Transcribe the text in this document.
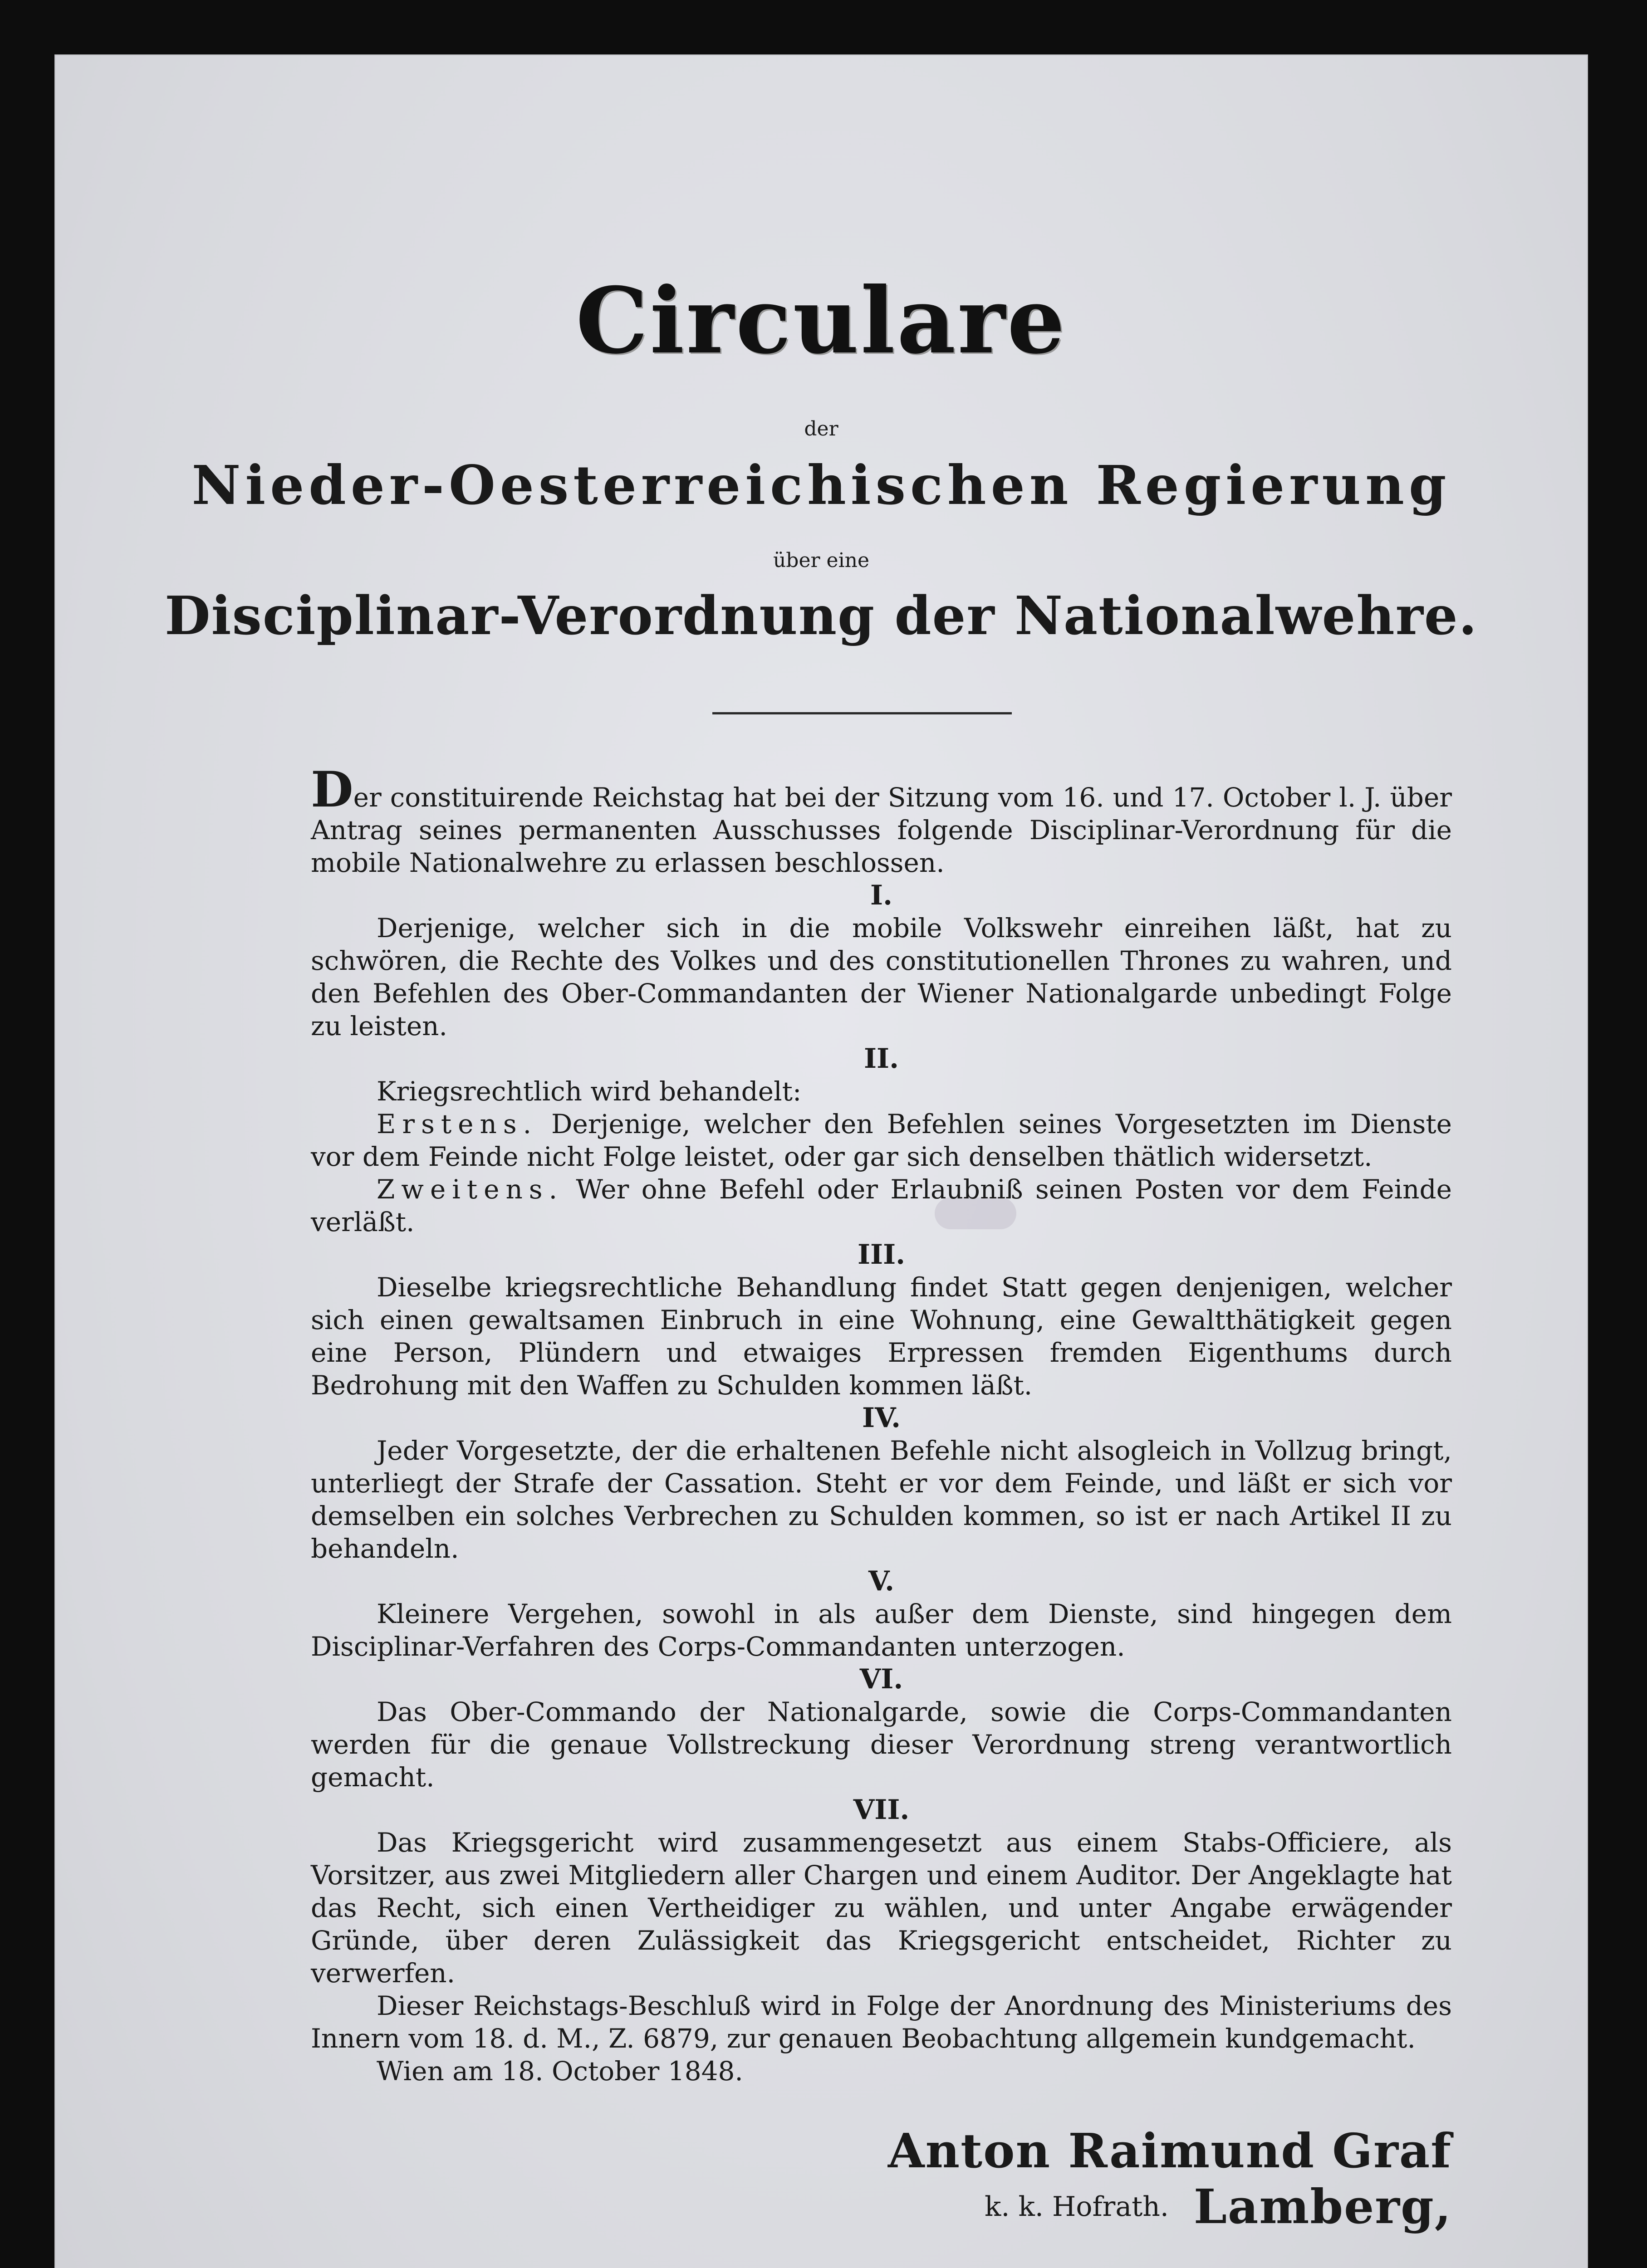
Circulare
der
Nieder-Oesterreichischen Regierung
über eine
Disciplinar-Verordnung der Nationalwehre.

Der constituirende Reichstag hat bei der Sitzung vom 16. und 17. October l. J. über Antrag seines permanenten Ausschusses folgende Disciplinar-Verordnung für die mobile Nationalwehre zu erlassen beschlossen.

I.

Derjenige, welcher sich in die mobile Volkswehr einreihen läßt, hat zu schwören, die Rechte des Volkes und des constitutionellen Thrones zu wahren, und den Befehlen des Ober-Commandanten der Wiener Nationalgarde unbedingt Folge zu leisten.

II.

Kriegsrechtlich wird behandelt:

Erstens. Derjenige, welcher den Befehlen seines Vorgesetzten im Dienste vor dem Feinde nicht Folge leistet, oder gar sich denselben thätlich widersetzt.

Zweitens. Wer ohne Befehl oder Erlaubniß seinen Posten vor dem Feinde verläßt.

III.

Dieselbe kriegsrechtliche Behandlung findet Statt gegen denjenigen, welcher sich einen gewaltsamen Einbruch in eine Wohnung, eine Gewaltthätigkeit gegen eine Person, Plündern und etwaiges Erpressen fremden Eigenthums durch Bedrohung mit den Waffen zu Schulden kommen läßt.

IV.

Jeder Vorgesetzte, der die erhaltenen Befehle nicht alsogleich in Vollzug bringt, unterliegt der Strafe der Cassation. Steht er vor dem Feinde, und läßt er sich vor demselben ein solches Verbrechen zu Schulden kommen, so ist er nach Artikel II zu behandeln.

V.

Kleinere Vergehen, sowohl in als außer dem Dienste, sind hingegen dem Disciplinar-Verfahren des Corps-Commandanten unterzogen.

VI.

Das Ober-Commando der Nationalgarde, sowie die Corps-Commandanten werden für die genaue Vollstreckung dieser Verordnung streng verantwortlich gemacht.

VII.

Das Kriegsgericht wird zusammengesetzt aus einem Stabs-Officiere, als Vorsitzer, aus zwei Mitgliedern aller Chargen und einem Auditor. Der Angeklagte hat das Recht, sich einen Vertheidiger zu wählen, und unter Angabe erwägender Gründe, über deren Zulässigkeit das Kriegsgericht entscheidet, Richter zu verwerfen.

Dieser Reichstags-Beschluß wird in Folge der Anordnung des Ministeriums des Innern vom 18. d. M., Z. 6879, zur genauen Beobachtung allgemein kundgemacht.

Wien am 18. October 1848.

Anton Raimund Graf Lamberg,
k. k. Hofrath.
